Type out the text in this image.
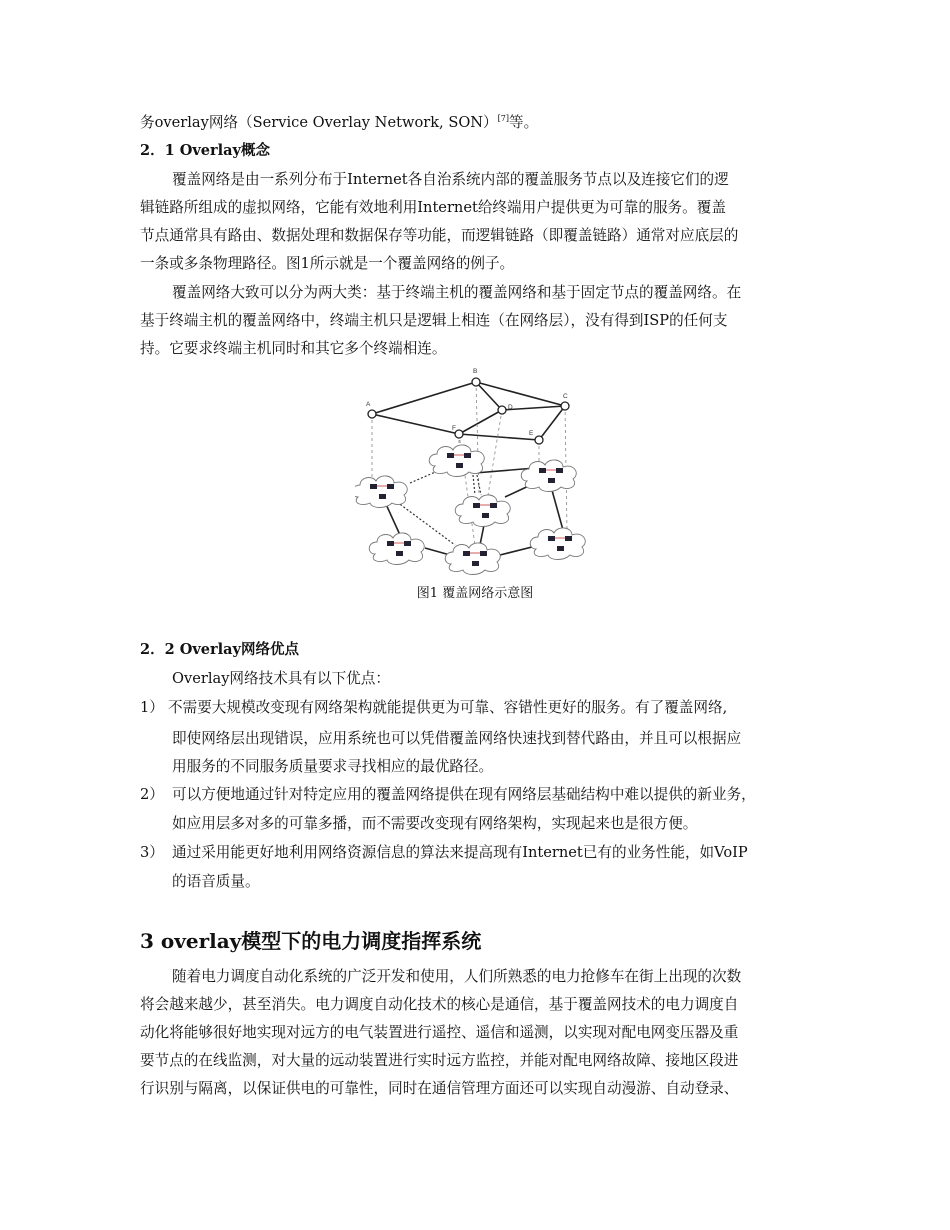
务overlay网络（Service Overlay Network, SON）[7]等。
2．1 Overlay概念
覆盖网络是由一系列分布于Internet各自治系统内部的覆盖服务节点以及连接它们的逻
辑链路所组成的虚拟网络，它能有效地利用Internet给终端用户提供更为可靠的服务。覆盖
节点通常具有路由、数据处理和数据保存等功能，而逻辑链路（即覆盖链路）通常对应底层的
一条或多条物理路径。图1所示就是一个覆盖网络的例子。
覆盖网络大致可以分为两大类：基于终端主机的覆盖网络和基于固定节点的覆盖网络。在
基于终端主机的覆盖网络中，终端主机只是逻辑上相连（在网络层），没有得到ISP的任何支
持。它要求终端主机同时和其它多个终端相连。
A
B
C
D
E
F
图1 覆盖网络示意图
2．2 Overlay网络优点
Overlay网络技术具有以下优点：
1） 不需要大规模改变现有网络架构就能提供更为可靠、容错性更好的服务。有了覆盖网络,
即使网络层出现错误，应用系统也可以凭借覆盖网络快速找到替代路由，并且可以根据应
用服务的不同服务质量要求寻找相应的最优路径。
2） 可以方便地通过针对特定应用的覆盖网络提供在现有网络层基础结构中难以提供的新业务，
如应用层多对多的可靠多播，而不需要改变现有网络架构，实现起来也是很方便。
3） 通过采用能更好地利用网络资源信息的算法来提高现有Internet已有的业务性能，如VoIP
的语音质量。
3 overlay模型下的电力调度指挥系统
随着电力调度自动化系统的广泛开发和使用，人们所熟悉的电力抢修车在街上出现的次数
将会越来越少，甚至消失。电力调度自动化技术的核心是通信，基于覆盖网技术的电力调度自
动化将能够很好地实现对远方的电气装置进行遥控、遥信和遥测，以实现对配电网变压器及重
要节点的在线监测，对大量的远动装置进行实时远方监控，并能对配电网络故障、接地区段进
行识别与隔离，以保证供电的可靠性，同时在通信管理方面还可以实现自动漫游、自动登录、
